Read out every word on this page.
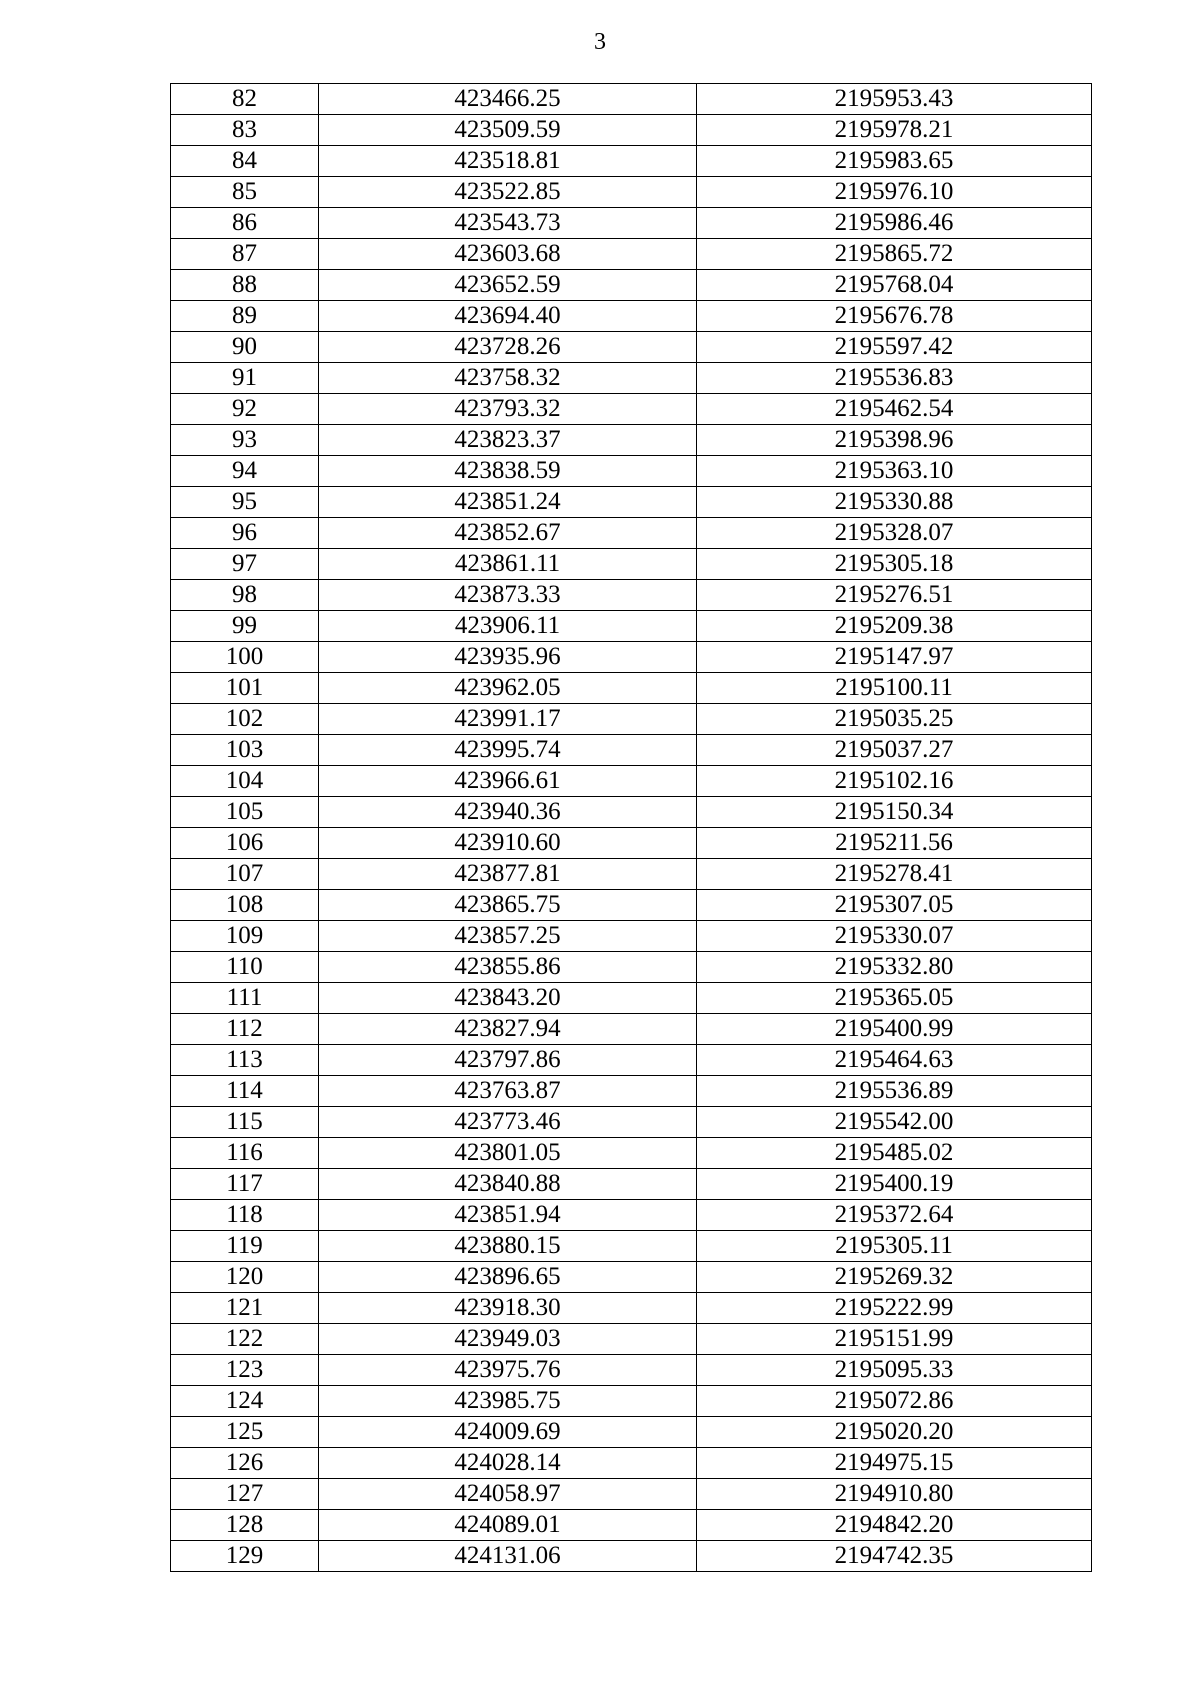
3
82	423466.25	2195953.43
83	423509.59	2195978.21
84	423518.81	2195983.65
85	423522.85	2195976.10
86	423543.73	2195986.46
87	423603.68	2195865.72
88	423652.59	2195768.04
89	423694.40	2195676.78
90	423728.26	2195597.42
91	423758.32	2195536.83
92	423793.32	2195462.54
93	423823.37	2195398.96
94	423838.59	2195363.10
95	423851.24	2195330.88
96	423852.67	2195328.07
97	423861.11	2195305.18
98	423873.33	2195276.51
99	423906.11	2195209.38
100	423935.96	2195147.97
101	423962.05	2195100.11
102	423991.17	2195035.25
103	423995.74	2195037.27
104	423966.61	2195102.16
105	423940.36	2195150.34
106	423910.60	2195211.56
107	423877.81	2195278.41
108	423865.75	2195307.05
109	423857.25	2195330.07
110	423855.86	2195332.80
111	423843.20	2195365.05
112	423827.94	2195400.99
113	423797.86	2195464.63
114	423763.87	2195536.89
115	423773.46	2195542.00
116	423801.05	2195485.02
117	423840.88	2195400.19
118	423851.94	2195372.64
119	423880.15	2195305.11
120	423896.65	2195269.32
121	423918.30	2195222.99
122	423949.03	2195151.99
123	423975.76	2195095.33
124	423985.75	2195072.86
125	424009.69	2195020.20
126	424028.14	2194975.15
127	424058.97	2194910.80
128	424089.01	2194842.20
129	424131.06	2194742.35
